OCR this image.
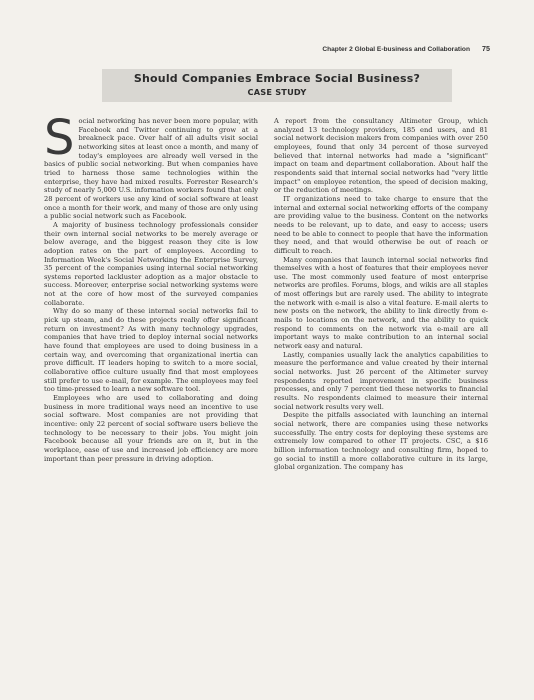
Chapter 2 Global E-business and Collaboration 75
Should Companies Embrace Social Business?
CASE STUDY

Social networking has never been more popular, with Facebook and Twitter continuing to grow at a breakneck pace. Over half of all adults visit social networking sites at least once a month, and many of today's employees are already well versed in the basics of public social networking. But when companies have tried to harness those same technologies within the enterprise, they have had mixed results. Forrester Research's study of nearly 5,000 U.S. information workers found that only 28 percent of workers use any kind of social software at least once a month for their work, and many of those are only using a public social network such as Facebook.

A majority of business technology professionals consider their own internal social networks to be merely average or below average, and the biggest reason they cite is low adoption rates on the part of employees. According to Information Week's Social Networking the Enterprise Survey, 35 percent of the companies using internal social networking systems reported lackluster adoption as a major obstacle to success. Moreover, enterprise social networking systems were not at the core of how most of the surveyed companies collaborate.

Why do so many of these internal social networks fail to pick up steam, and do these projects really offer significant return on investment? As with many technology upgrades, companies that have tried to deploy internal social networks have found that employees are used to doing business in a certain way, and overcoming that organizational inertia can prove difficult. IT leaders hoping to switch to a more social, collaborative office culture usually find that most employees still prefer to use e-mail, for example. The employees may feel too time-pressed to learn a new software tool.

Employees who are used to collaborating and doing business in more traditional ways need an incentive to use social software. Most companies are not providing that incentive: only 22 percent of social software users believe the technology to be necessary to their jobs. You might join Facebook because all your friends are on it, but in the workplace, ease of use and increased job efficiency are more important than peer pressure in driving adoption.

A report from the consultancy Altimeter Group, which analyzed 13 technology providers, 185 end users, and 81 social network decision makers from companies with over 250 employees, found that only 34 percent of those surveyed believed that internal networks had made a "significant" impact on team and department collaboration. About half the respondents said that internal social networks had "very little impact" on employee retention, the speed of decision making, or the reduction of meetings.

IT organizations need to take charge to ensure that the internal and external social networking efforts of the company are providing value to the business. Content on the networks needs to be relevant, up to date, and easy to access; users need to be able to connect to people that have the information they need, and that would otherwise be out of reach or difficult to reach.

Many companies that launch internal social networks find themselves with a host of features that their employees never use. The most commonly used feature of most enterprise networks are profiles. Forums, blogs, and wikis are all staples of most offerings but are rarely used. The ability to integrate the network with e-mail is also a vital feature. E-mail alerts to new posts on the network, the ability to link directly from e-mails to locations on the network, and the ability to quick respond to comments on the network via e-mail are all important ways to make contribution to an internal social network easy and natural.

Lastly, companies usually lack the analytics capabilities to measure the performance and value created by their internal social networks. Just 26 percent of the Altimeter survey respondents reported improvement in specific business processes, and only 7 percent tied these networks to financial results. No respondents claimed to measure their internal social network results very well.

Despite the pitfalls associated with launching an internal social network, there are companies using these networks successfully. The entry costs for deploying these systems are extremely low compared to other IT projects. CSC, a $16 billion information technology and consulting firm, hoped to go social to instill a more collaborative culture in its large, global organization. The company has
